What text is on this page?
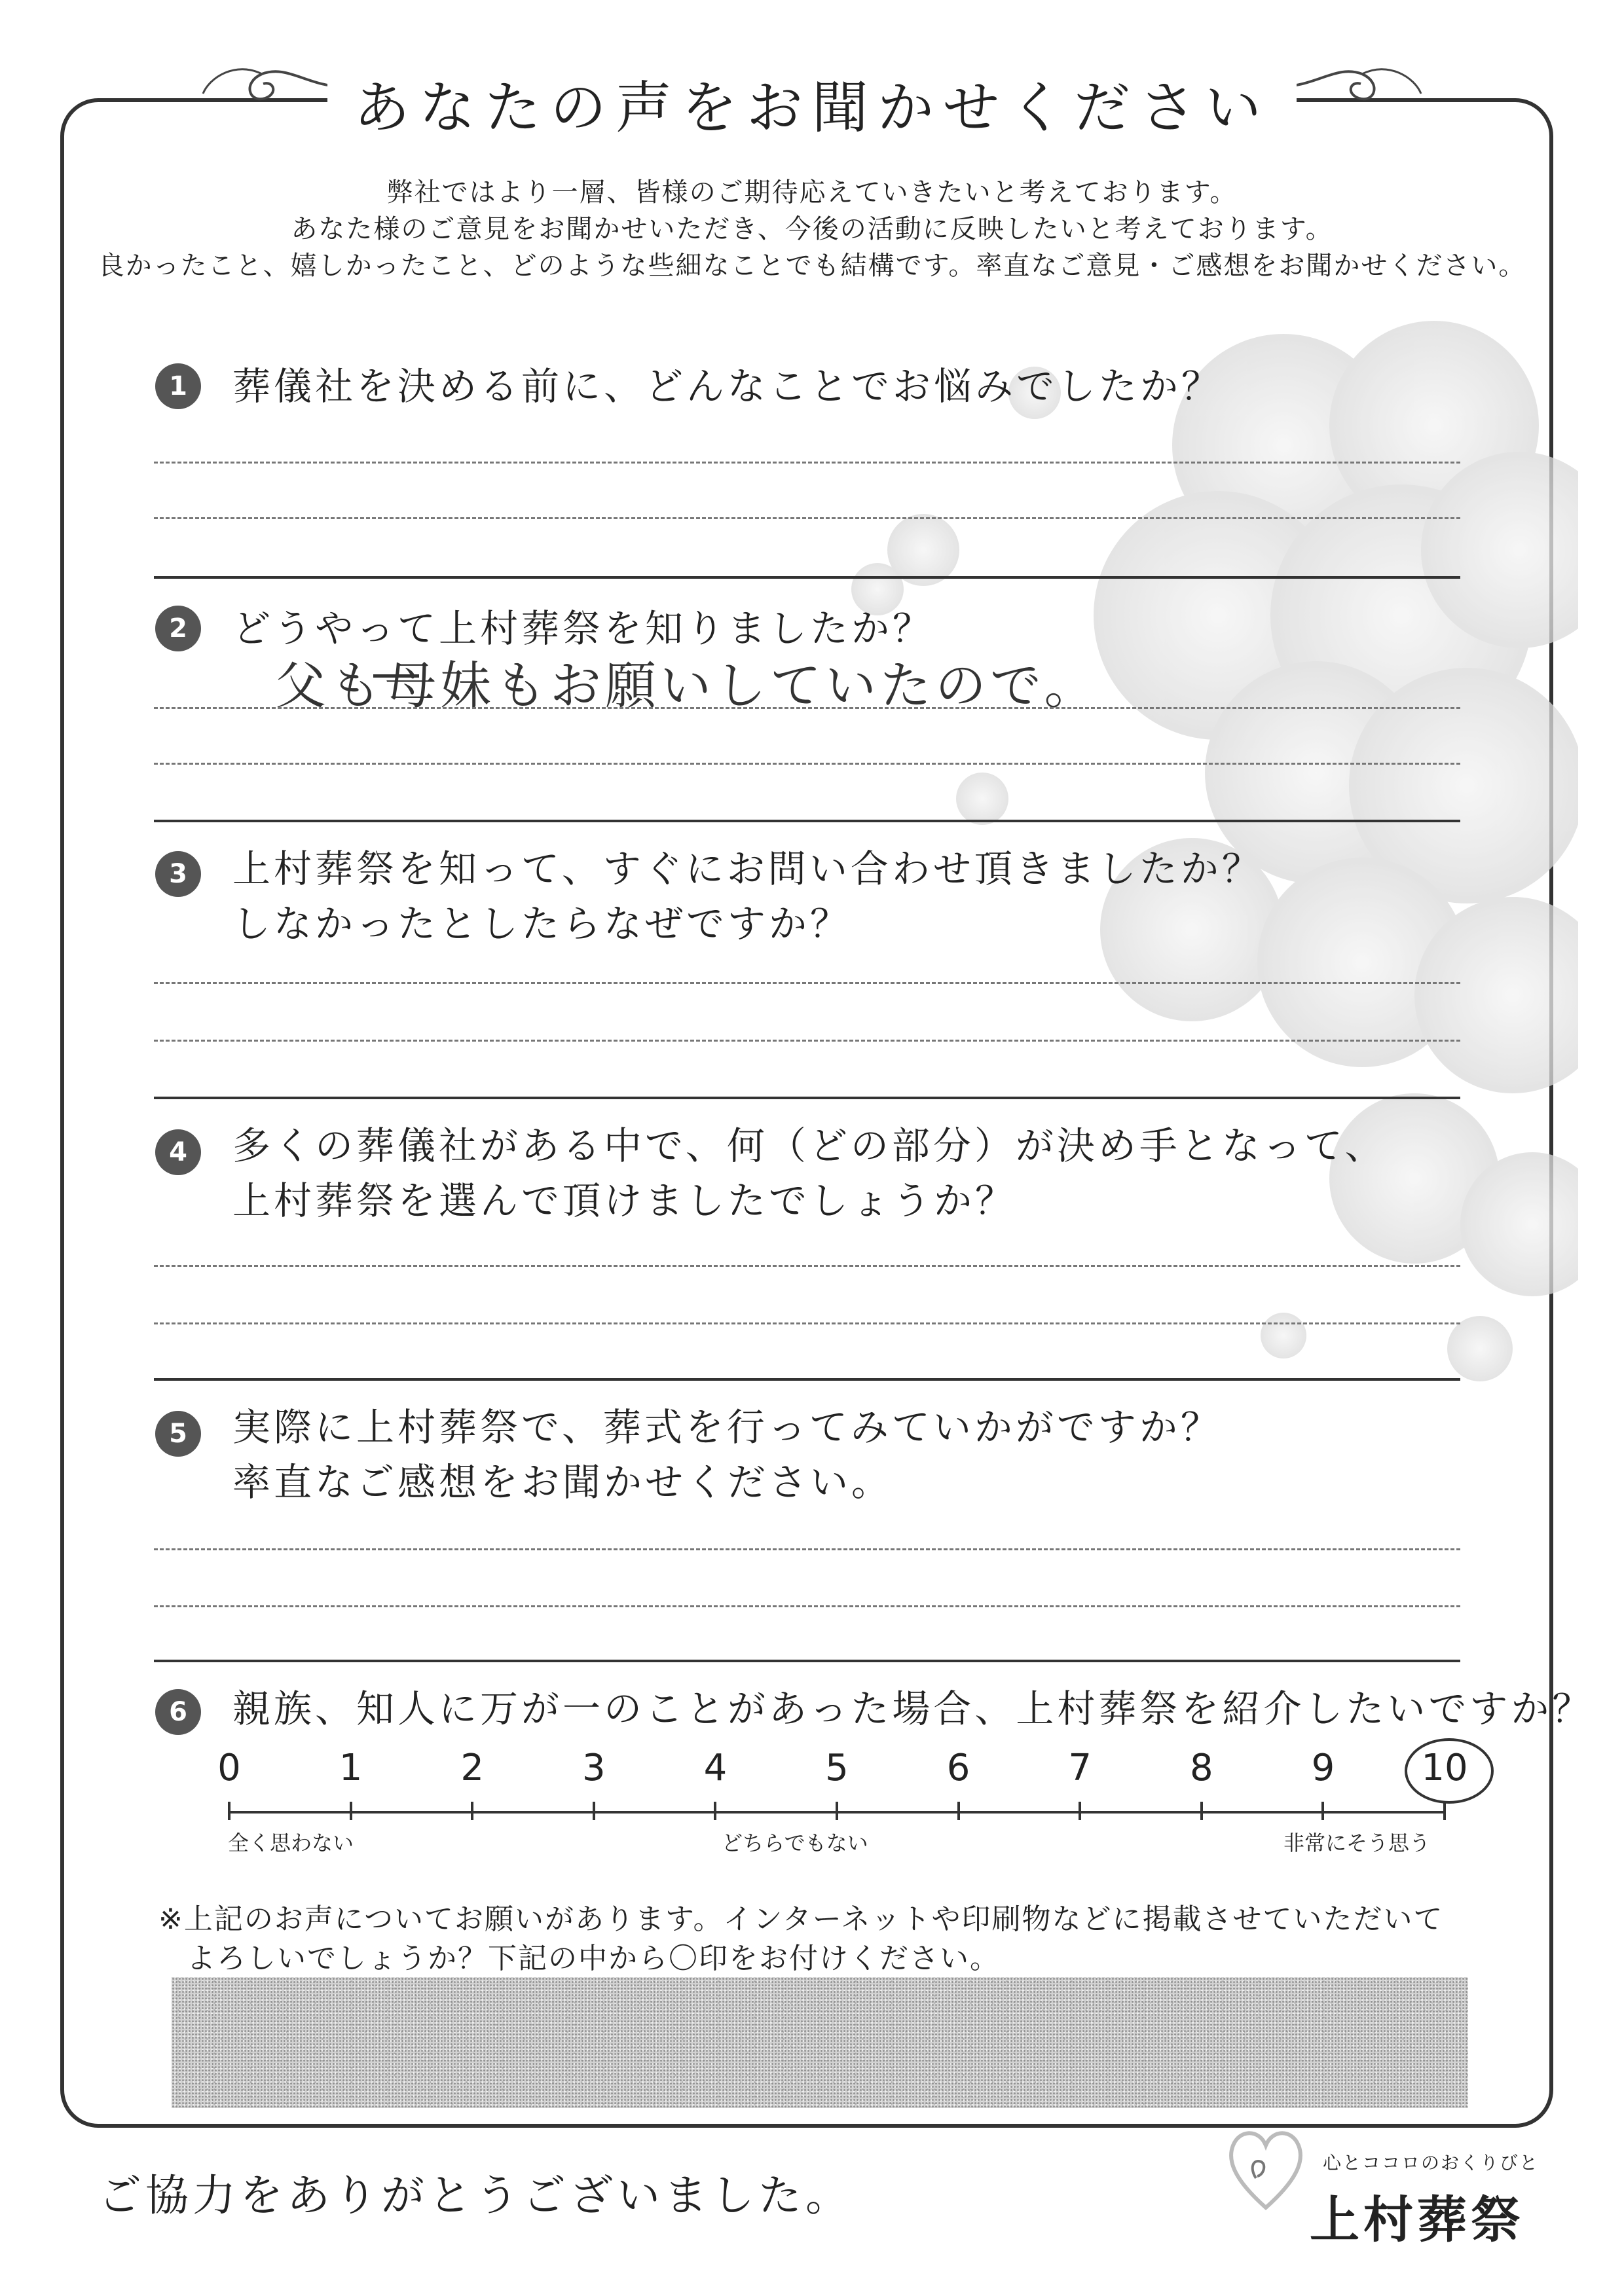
あなたの声をお聞かせください
弊社ではより一層、皆様のご期待応えていきたいと考えております。
あなた様のご意見をお聞かせいただき、今後の活動に反映したいと考えております。
良かったこと、嬉しかったこと、どのような些細なことでも結構です。率直なご意見・ご感想をお聞かせください。
1	葬儀社を決める前に、どんなことでお悩みでしたか？
2	どうやって上村葬祭を知りましたか？
父も母妹もお願いしていたので。
3	上村葬祭を知って、すぐにお問い合わせ頂きましたか？
しなかったとしたらなぜですか？
4	多くの葬儀社がある中で、何（どの部分）が決め手となって、
上村葬祭を選んで頂けましたでしょうか？
5	実際に上村葬祭で、葬式を行ってみていかがですか？
率直なご感想をお聞かせください。
6	親族、知人に万が一のことがあった場合、上村葬祭を紹介したいですか？
全く思わない	どちらでもない	非常にそう思う
※上記のお声についてお願いがあります。インターネットや印刷物などに掲載させていただいて
よろしいでしょうか？下記の中から〇印をお付けください。
ご協力をありがとうございました。
心とココロのおくりびと
上村葬祭
0	1	2	3	4	5	6	7	8	9	10
